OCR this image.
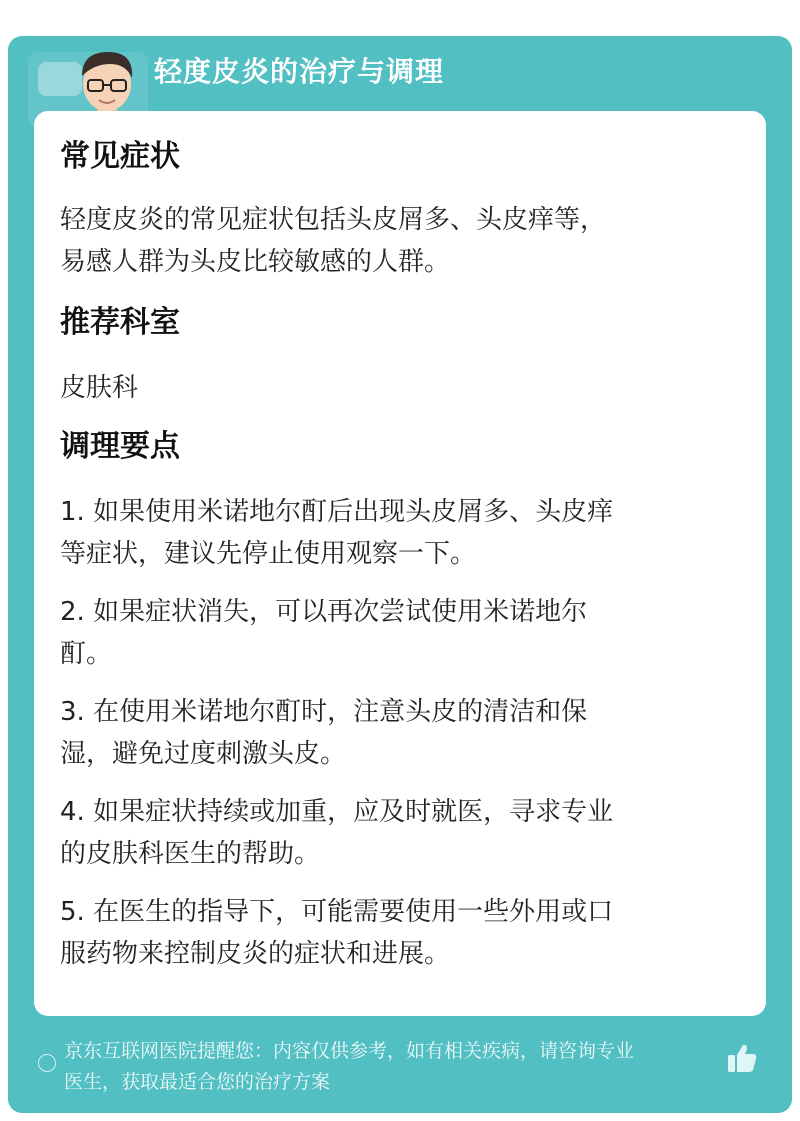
轻度皮炎的治疗与调理
京东互联网医院提醒您：内容仅供参考，如有相关疾病，请咨询专业
医生，获取最适合您的治疗方案
常见症状
轻度皮炎的常见症状包括头皮屑多、头皮痒等，
易感人群为头皮比较敏感的人群。
推荐科室
皮肤科
调理要点
1. 如果使用米诺地尔酊后出现头皮屑多、头皮痒
等症状，建议先停止使用观察一下。
2. 如果症状消失，可以再次尝试使用米诺地尔
酊。
3. 在使用米诺地尔酊时，注意头皮的清洁和保
湿，避免过度刺激头皮。
4. 如果症状持续或加重，应及时就医，寻求专业
的皮肤科医生的帮助。
5. 在医生的指导下，可能需要使用一些外用或口
服药物来控制皮炎的症状和进展。
